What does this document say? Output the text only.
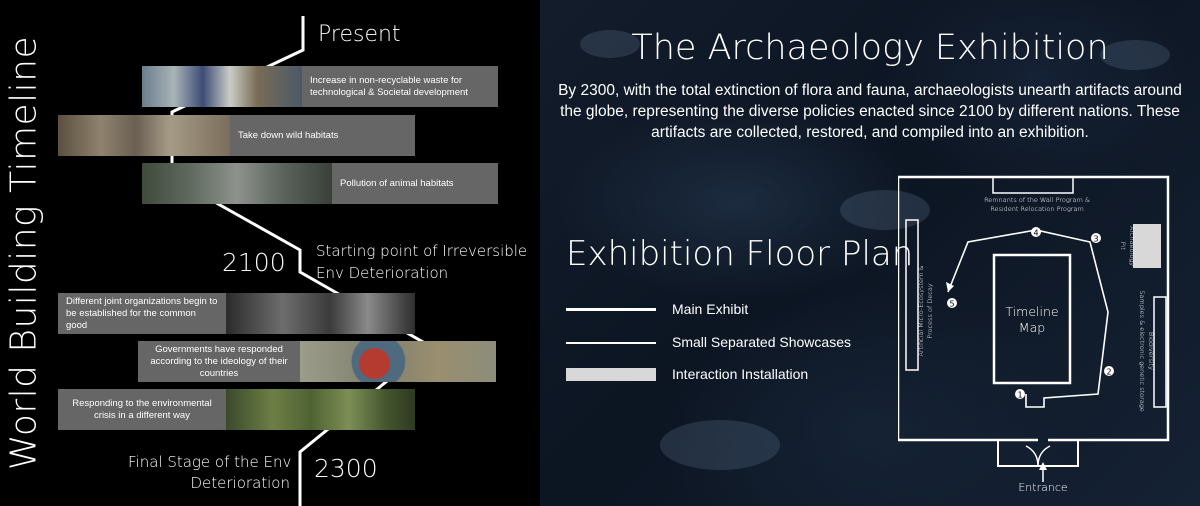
World Building Timeline
Present
Increase in non-recyclable waste for technological & Societal development
Take down wild habitats
Pollution of animal habitats
2100 Starting point of Irreversible
Env Deterioration
Different joint organizations begin to be established for the common good
Governments have responded according to the ideology of their countries
Responding to the environmental crisis in a different way
Final Stage of the Env
Deterioration 2300
The Archaeology Exhibition
By 2300, with the total extinction of flora and fauna, archaeologists unearth artifacts around the globe, representing the diverse policies enacted since 2100 by different nations. These artifacts are collected, restored, and compiled into an exhibition.
Exhibition Floor Plan
Main Exhibit
Small Separated Showcases
Interaction Installation
1
2
3
4
5	Timeline
Map
Remnants of the Wall Program &
Resident Relocation Program
Artificial Micro-Ecosystem & Process of Decay
Biodiversity
Samples & electronic genetic storage
Archaeology
Pit
Entrance
